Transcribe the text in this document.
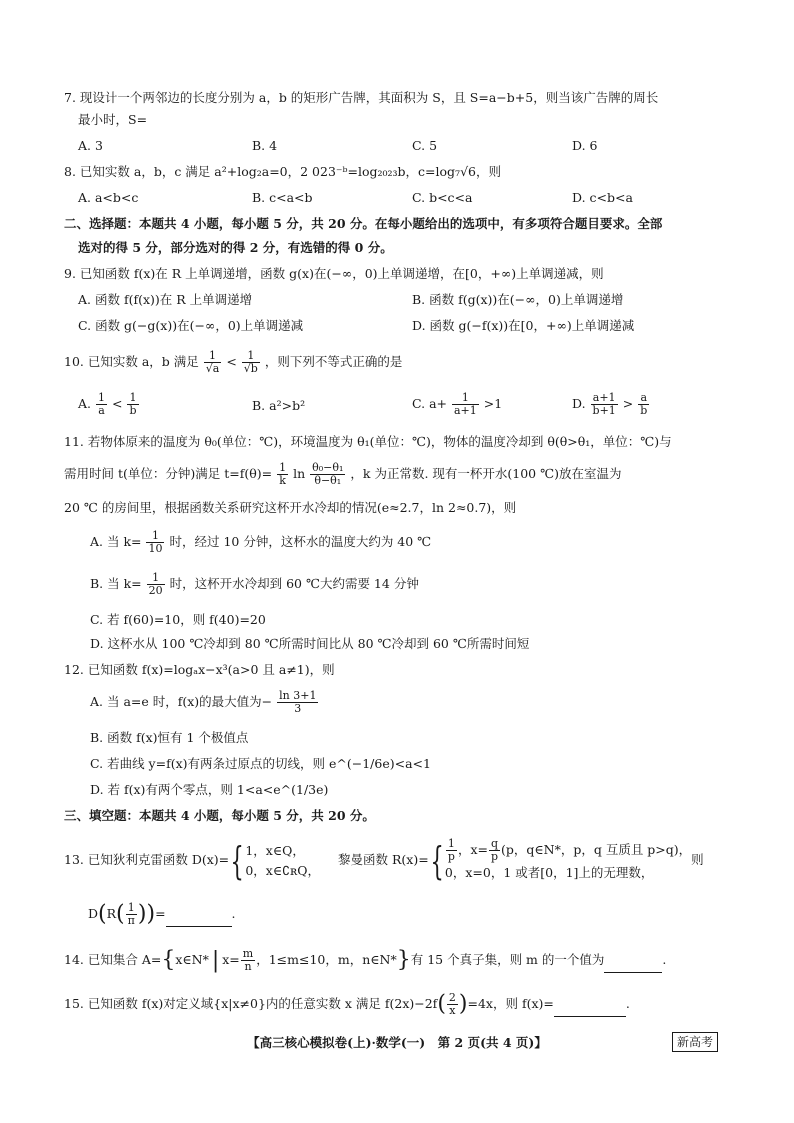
7. 现设计一个两邻边的长度分别为 a，b 的矩形广告牌，其面积为 S，且 S=a−b+5，则当该广告牌的周长
最小时，S=
A. 3	B. 4	C. 5	D. 6
8. 已知实数 a，b，c 满足 a²+log₂a=0，2 023⁻ᵇ=log₂₀₂₃b，c=log₇√6，则
A. a<b<c	B. c<a<b	C. b<c<a	D. c<b<a
二、选择题：本题共 4 小题，每小题 5 分，共 20 分。在每小题给出的选项中，有多项符合题目要求。全部
选对的得 5 分，部分选对的得 2 分，有选错的得 0 分。
9. 已知函数 f(x)在 R 上单调递增，函数 g(x)在(−∞，0)上单调递增，在[0，+∞)上单调递减，则
A. 函数 f(f(x))在 R 上单调递增	B. 函数 f(g(x))在(−∞，0)上单调递增
C. 函数 g(−g(x))在(−∞，0)上单调递减	D. 函数 g(−f(x))在[0，+∞)上单调递减
10. 已知实数 a，b 满足 $\frac{1}{√a} < \frac{1}{√b}$ ，则下列不等式正确的是
A. $\frac{1}{a} < \frac{1}{b}$	B. a²>b²	C. $a+ \frac{1}{a+1} >1$	D. $\frac{a+1}{b+1} > \frac{a}{b}$
11. 若物体原来的温度为 θ₀(单位：℃)，环境温度为 θ₁(单位：℃)，物体的温度冷却到 θ(θ>θ₁，单位：℃)与
需用时间 t(单位：分钟)满足 $t=f(\theta)= \frac{1}{k}$ $\ln \frac{\text{θ₀−θ₁}}{\text{θ−θ₁}}$ ，k 为正常数. 现有一杯开水(100 ℃)放在室温为
20 ℃ 的房间里，根据函数关系研究这杯开水冷却的情况(e≈2.7，ln 2≈0.7)，则
A. 当 $k= \frac{1}{10}$ 时，经过 10 分钟，这杯水的温度大约为 40 ℃
B. 当 $k= \frac{1}{20}$ 时，这杯开水冷却到 60 ℃大约需要 14 分钟
C. 若 f(60)=10，则 f(40)=20
D. 这杯水从 100 ℃冷却到 80 ℃所需时间比从 80 ℃冷却到 60 ℃所需时间短
12. 已知函数 f(x)=logₐx−x³(a>0 且 a≠1)，则
A. 当 a=e 时，f(x)的最大值为− $\frac{\ln 3+1}{3}$
B. 函数 f(x)恒有 1 个极值点
C. 若曲线 y=f(x)有两条过原点的切线，则 e^(−1/6e)<a<1
D. 若 f(x)有两个零点，则 1<a<e^(1/3e)
三、填空题：本题共 4 小题，每小题 5 分，共 20 分。
13. 已知狄利克雷函数 D(x)={ 1，x∈Q，
0，x∈∁ʀQ，
黎曼函数 $R(x)=\{ \frac{1}{p}$ ，$x= \frac{q}{p} (p$，q∈N*，p，q 互质且 p>q)，
0，x=0，1 或者[0，1]上的无理数，
则
$D(R( \frac{1}{\pi}$ ))=	.
14. 已知集合 A={x∈N* | $x= \frac{m}{n}$ ，1≤m≤10，m，n∈N*}有 15 个真子集，则 m 的一个值为	.
15. 已知函数 f(x)对定义域{x|x≠0}内的任意实数 x 满足 $f(2x)-2f( \frac{2}{x} )=4x$，则 f(x)=	.
【高三核心模拟卷(上)·数学(一)　第 2 页(共 4 页)】	新高考
